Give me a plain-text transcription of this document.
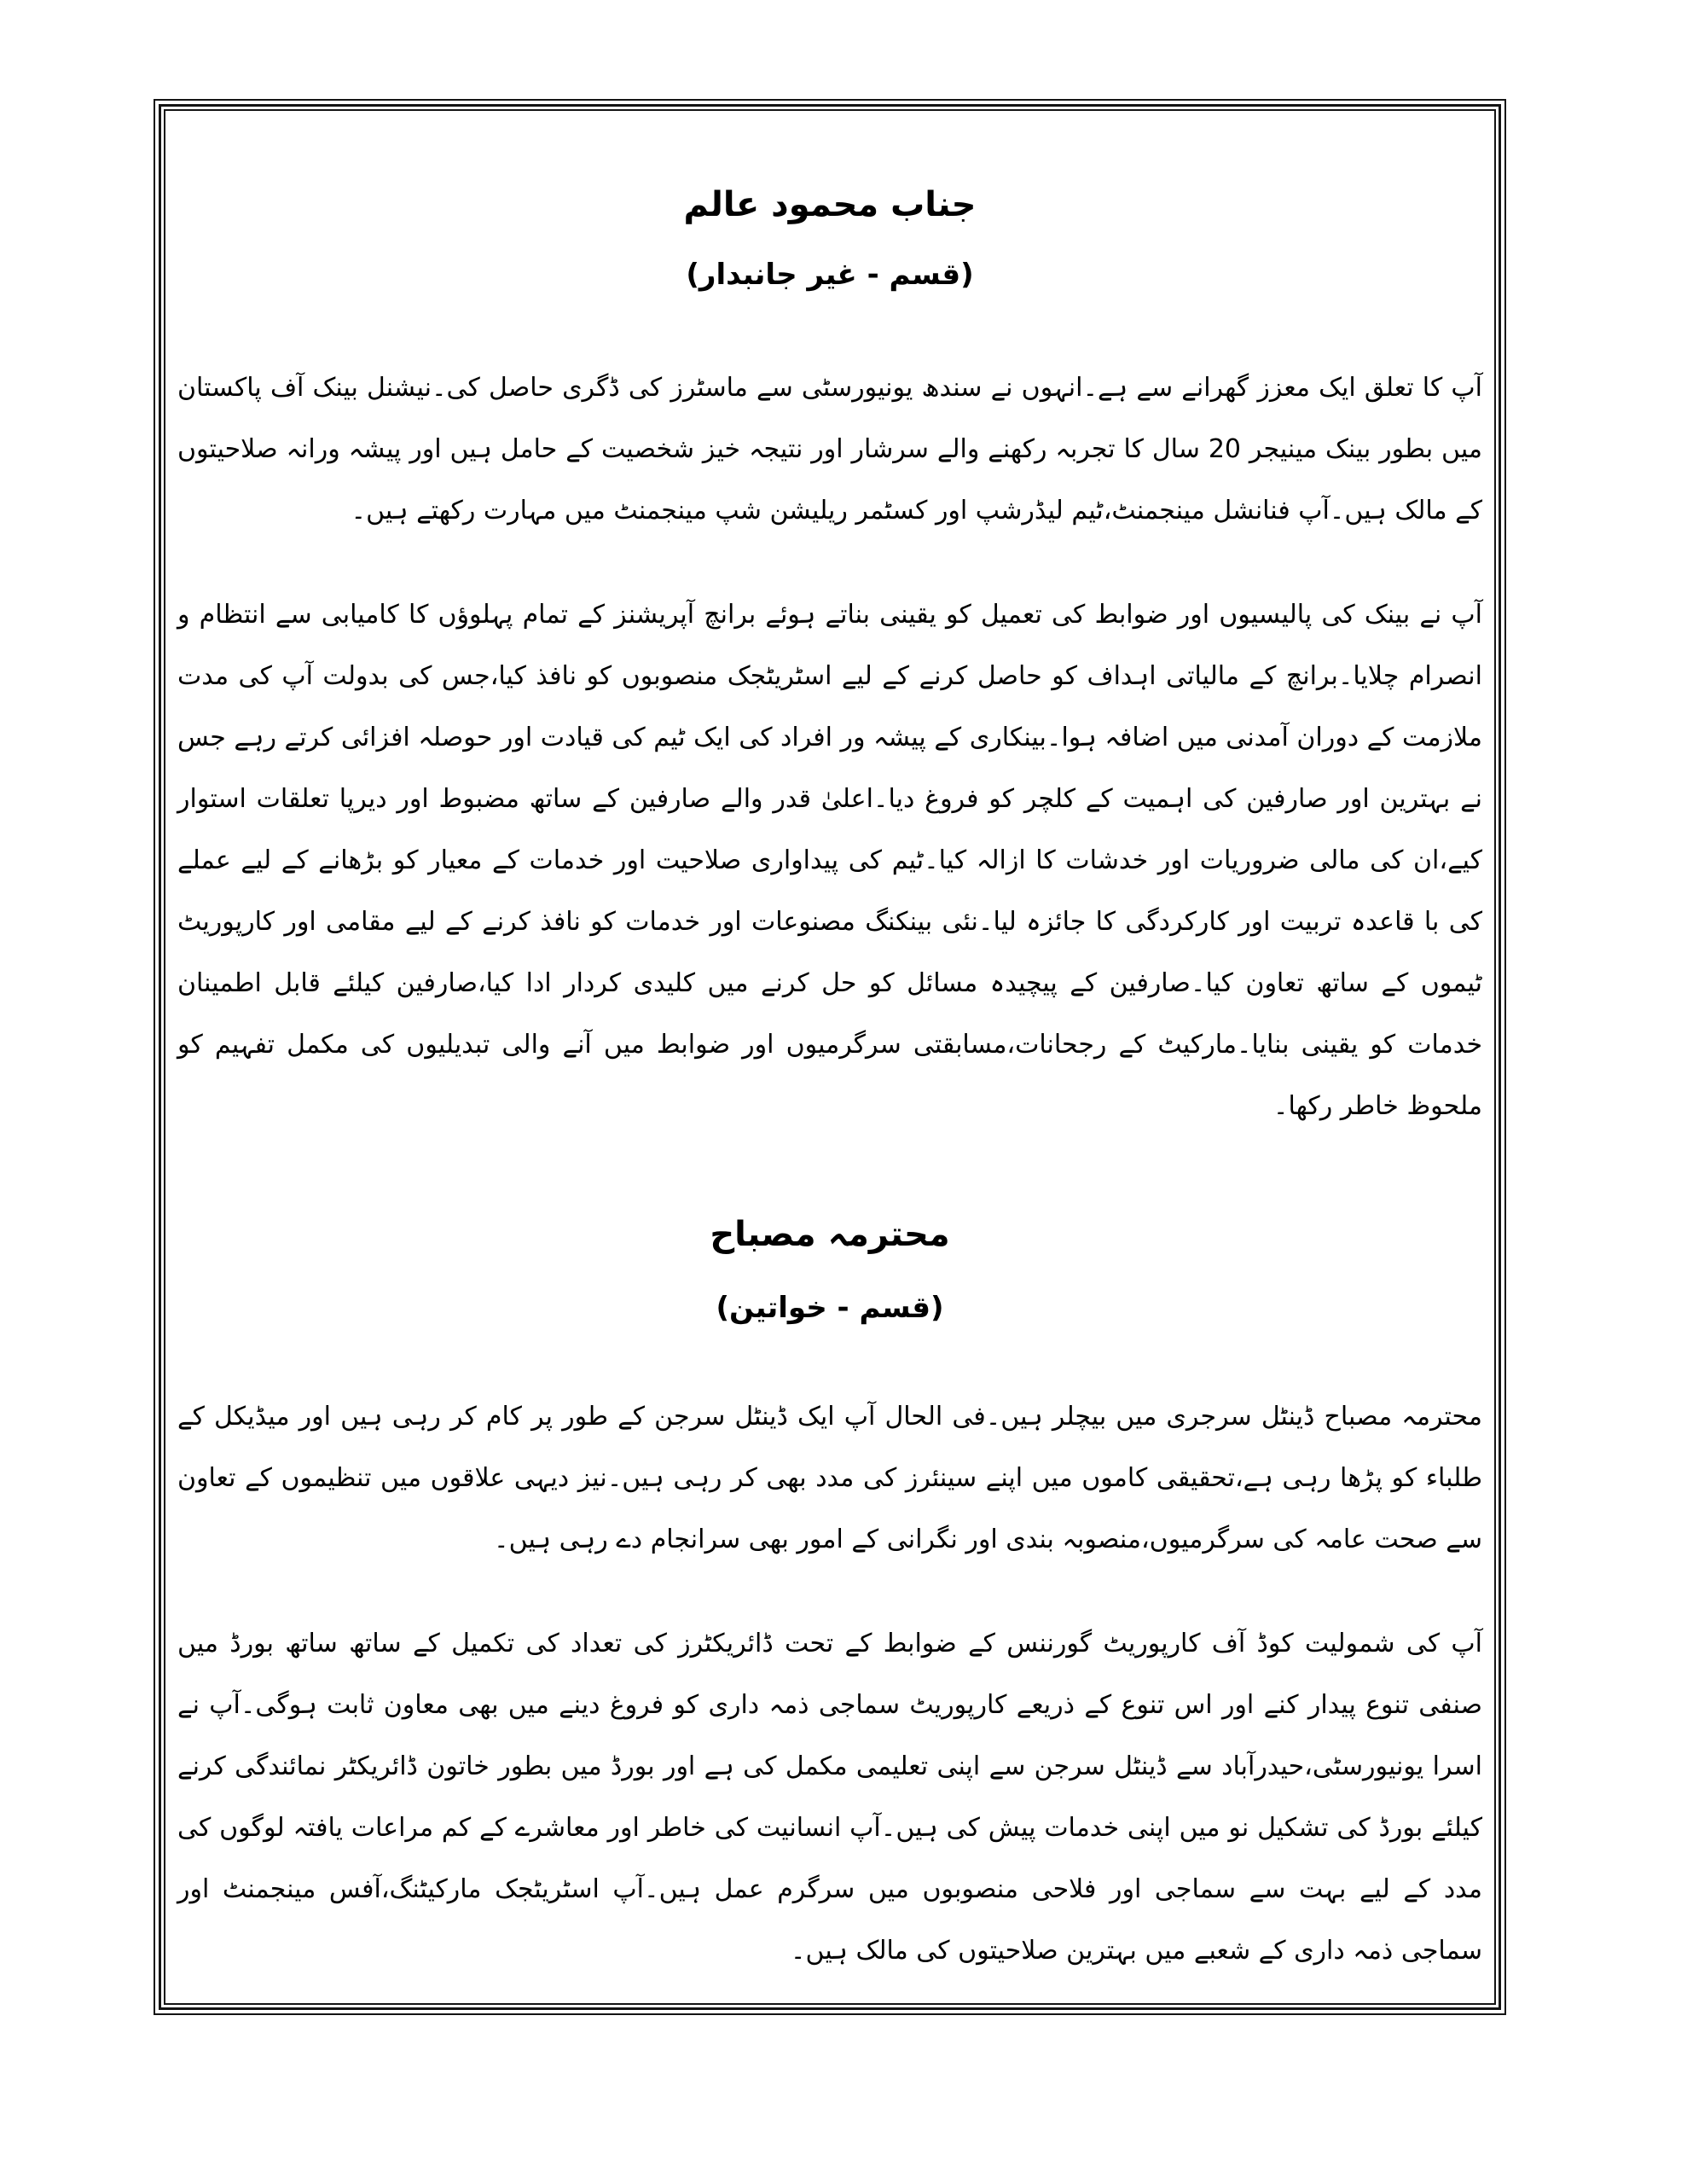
جناب محمود عالم
(قسم - غیر جانبدار)

آپ کا تعلق ایک معزز گھرانے سے ہے۔انہوں نے سندھ یونیورسٹی سے ماسٹرز کی ڈگری حاصل کی۔نیشنل بینک آف پاکستان میں بطور بینک مینیجر 20 سال کا تجربہ رکھنے والے سرشار اور نتیجہ خیز شخصیت کے حامل ہیں اور پیشہ ورانہ صلاحیتوں کے مالک ہیں۔آپ فنانشل مینجمنٹ،ٹیم لیڈرشپ اور کسٹمر ریلیشن شپ مینجمنٹ میں مہارت رکھتے ہیں۔

آپ نے بینک کی پالیسیوں اور ضوابط کی تعمیل کو یقینی بناتے ہوئے برانچ آپریشنز کے تمام پہلوؤں کا کامیابی سے انتظام و انصرام چلایا۔برانچ کے مالیاتی اہداف کو حاصل کرنے کے لیے اسٹریٹجک منصوبوں کو نافذ کیا،جس کی بدولت آپ کی مدت ملازمت کے دوران آمدنی میں اضافہ ہوا۔بینکاری کے پیشہ ور افراد کی ایک ٹیم کی قیادت اور حوصلہ افزائی کرتے رہے جس نے بہترین اور صارفین کی اہمیت کے کلچر کو فروغ دیا۔اعلیٰ قدر والے صارفین کے ساتھ مضبوط اور دیرپا تعلقات استوار کیے،ان کی مالی ضروریات اور خدشات کا ازالہ کیا۔ٹیم کی پیداواری صلاحیت اور خدمات کے معیار کو بڑھانے کے لیے عملے کی با قاعدہ تربیت اور کارکردگی کا جائزہ لیا۔نئی بینکنگ مصنوعات اور خدمات کو نافذ کرنے کے لیے مقامی اور کارپوریٹ ٹیموں کے ساتھ تعاون کیا۔صارفین کے پیچیدہ مسائل کو حل کرنے میں کلیدی کردار ادا کیا،صارفین کیلئے قابل اطمینان خدمات کو یقینی بنایا۔مارکیٹ کے رجحانات،مسابقتی سرگرمیوں اور ضوابط میں آنے والی تبدیلیوں کی مکمل تفہیم کو ملحوظ خاطر رکھا۔

محترمہ مصباح
(قسم - خواتین)

محترمہ مصباح ڈینٹل سرجری میں بیچلر ہیں۔فی الحال آپ ایک ڈینٹل سرجن کے طور پر کام کر رہی ہیں اور میڈیکل کے طلباء کو پڑھا رہی ہے،تحقیقی کاموں میں اپنے سینئرز کی مدد بھی کر رہی ہیں۔نیز دیہی علاقوں میں تنظیموں کے تعاون سے صحت عامہ کی سرگرمیوں،منصوبہ بندی اور نگرانی کے امور بھی سرانجام دے رہی ہیں۔

آپ کی شمولیت کوڈ آف کارپوریٹ گورننس کے ضوابط کے تحت ڈائریکٹرز کی تعداد کی تکمیل کے ساتھ ساتھ بورڈ میں صنفی تنوع پیدار کنے اور اس تنوع کے ذریعے کارپوریٹ سماجی ذمہ داری کو فروغ دینے میں بھی معاون ثابت ہوگی۔آپ نے اسرا یونیورسٹی،حیدرآباد سے ڈینٹل سرجن سے اپنی تعلیمی مکمل کی ہے اور بورڈ میں بطور خاتون ڈائریکٹر نمائندگی کرنے کیلئے بورڈ کی تشکیل نو میں اپنی خدمات پیش کی ہیں۔آپ انسانیت کی خاطر اور معاشرے کے کم مراعات یافتہ لوگوں کی مدد کے لیے بہت سے سماجی اور فلاحی منصوبوں میں سرگرم عمل ہیں۔آپ اسٹریٹجک مارکیٹنگ،آفس مینجمنٹ اور سماجی ذمہ داری کے شعبے میں بہترین صلاحیتوں کی مالک ہیں۔
